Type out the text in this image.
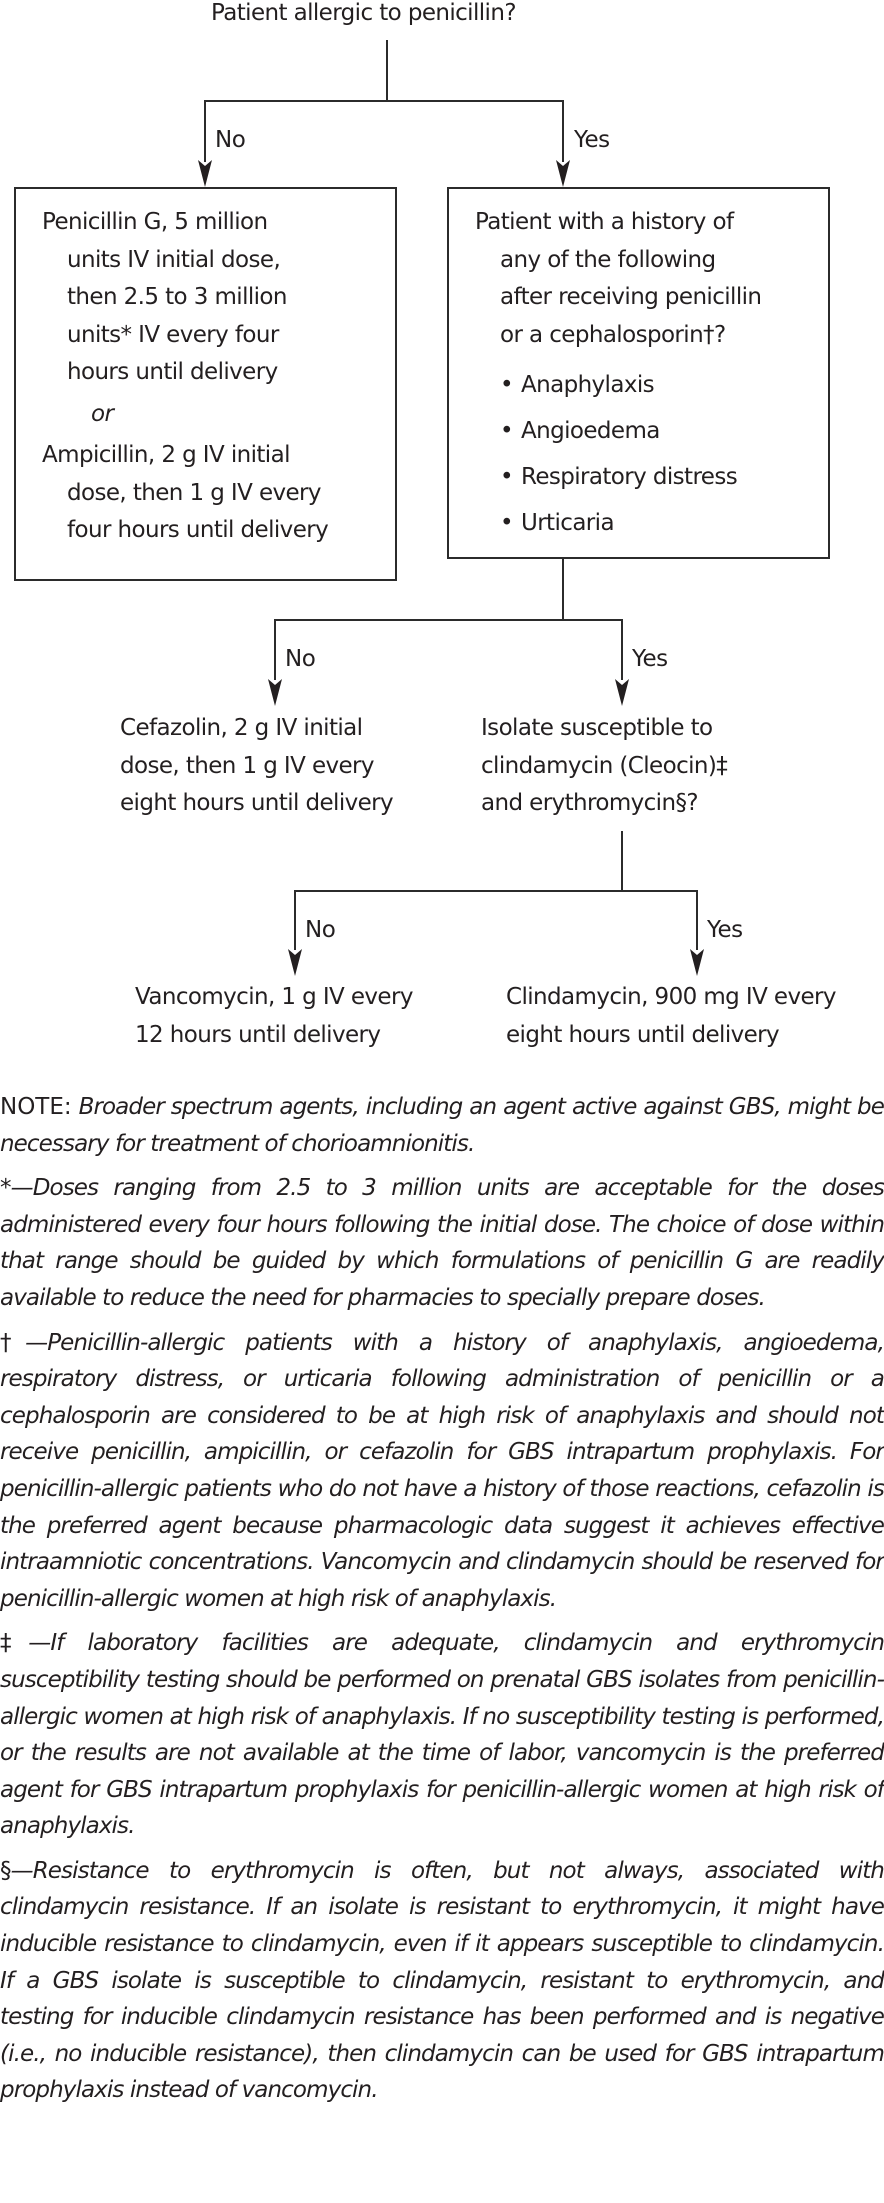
Patient allergic to penicillin?
No	Yes
No	Yes
No	Yes
Penicillin G, 5 million
units IV initial dose,
then 2.5 to 3 million
units* IV every four
hours until delivery
or
Ampicillin, 2 g IV initial
dose, then 1 g IV every
four hours until delivery
Patient with a history of
any of the following
after receiving penicillin
or a cephalosporin†?
• Anaphylaxis
• Angioedema
• Respiratory distress
• Urticaria
Cefazolin, 2 g IV initial
dose, then 1 g IV every
eight hours until delivery
Isolate susceptible to
clindamycin (Cleocin)‡
and erythromycin§?
Vancomycin, 1 g IV every
12 hours until delivery
Clindamycin, 900 mg IV every
eight hours until delivery

NOTE: Broader spectrum agents, including an agent active against GBS, might be necessary for treatment of chorioamnionitis.

*—Doses ranging from 2.5 to 3 million units are acceptable for the doses administered every four hours following the initial dose. The choice of dose within that range should be guided by which formulations of penicillin G are readily available to reduce the need for pharmacies to specially prepare doses.

†—Penicillin-allergic patients with a history of anaphylaxis, angioedema, respiratory distress, or urticaria following administration of penicillin or a cephalosporin are considered to be at high risk of anaphylaxis and should not receive penicillin, ampicillin, or cefazolin for GBS intrapartum prophylaxis. For penicillin-allergic patients who do not have a history of those reactions, cefazolin is the preferred agent because pharmacologic data suggest it achieves effective intraamniotic concentrations. Vancomycin and clindamycin should be reserved for penicillin-allergic women at high risk of anaphylaxis.

‡—If laboratory facilities are adequate, clindamycin and erythromycin susceptibility testing should be performed on prenatal GBS isolates from penicillin-allergic women at high risk of anaphylaxis. If no susceptibility testing is performed, or the results are not available at the time of labor, vancomycin is the preferred agent for GBS intrapartum prophylaxis for penicillin-allergic women at high risk of anaphylaxis.

§—Resistance to erythromycin is often, but not always, associated with clindamycin resistance. If an isolate is resistant to erythromycin, it might have inducible resistance to clindamycin, even if it appears susceptible to clindamycin. If a GBS isolate is susceptible to clindamycin, resistant to erythromycin, and testing for inducible clindamycin resistance has been performed and is negative (i.e., no inducible resistance), then clindamycin can be used for GBS intrapartum prophylaxis instead of vancomycin.
